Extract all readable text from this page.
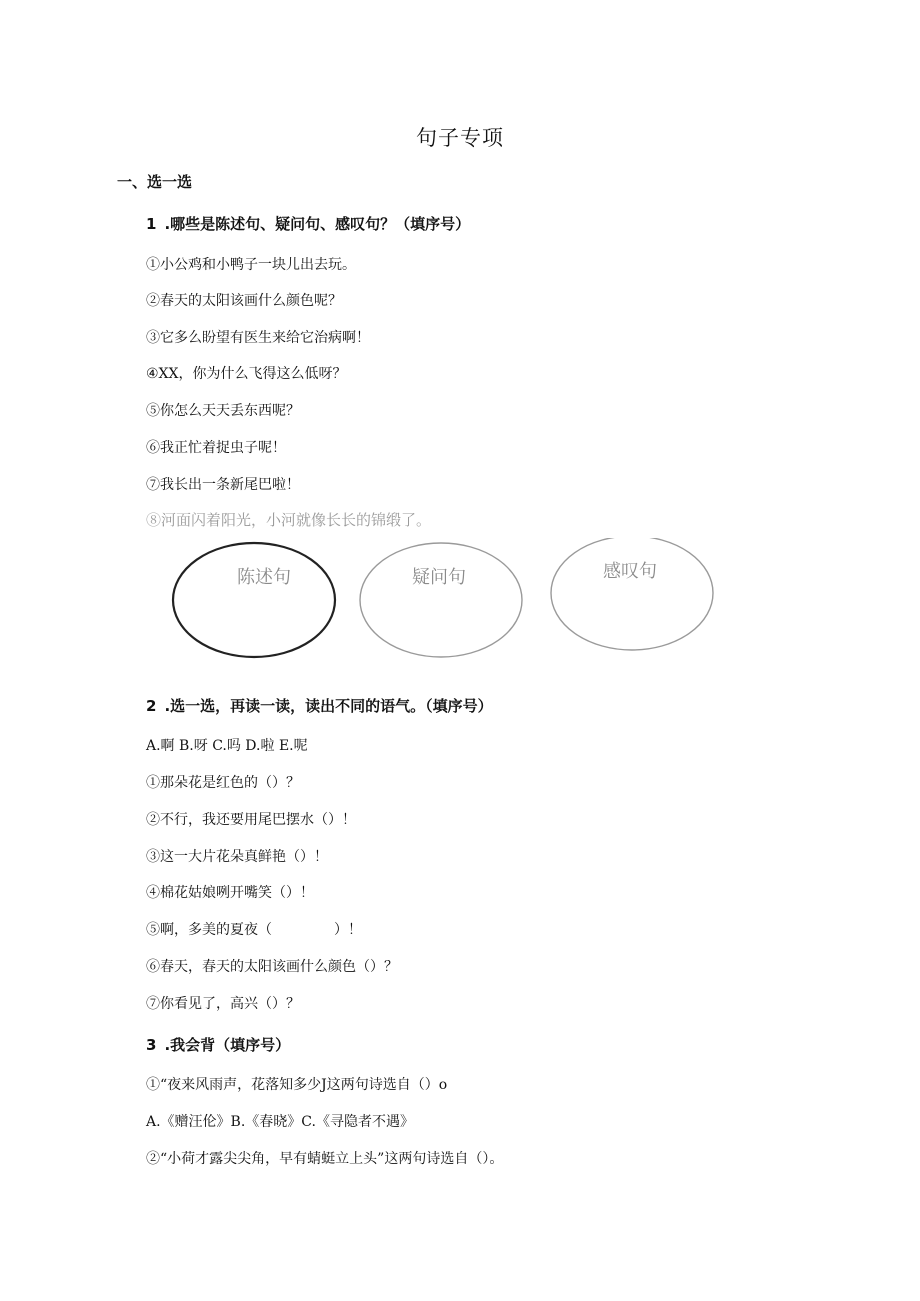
句子专项
一、选一选
1 .哪些是陈述句、疑问句、感叹句？（填序号）
①小公鸡和小鸭子一块儿出去玩。
②春天的太阳该画什么颜色呢？
③它多么盼望有医生来给它治病啊！
④XX，你为什么飞得这么低呀？
⑤你怎么天天丢东西呢？
⑥我正忙着捉虫子呢！
⑦我长出一条新尾巴啦！
⑧河面闪着阳光，小河就像长长的锦缎了。
陈述句	疑问句	感叹句
2 .选一选，再读一读，读出不同的语气。（填序号）
A.啊 B.呀 C.吗 D.啦 E.呢
①那朵花是红色的（）？
②不行，我还要用尾巴摆水（）！
③这一大片花朵真鲜艳（）！
④棉花姑娘咧开嘴笑（）！
⑤啊，多美的夏夜（	）！
⑥春天，春天的太阳该画什么颜色（）？
⑦你看见了，高兴（）？
3 .我会背（填序号）
①“夜来风雨声，花落知多少J这两句诗选自（）o
A.《赠汪伦》B.《春晓》C.《寻隐者不遇》
②“小荷才露尖尖角，早有蜻蜓立上头”这两句诗选自（）。
